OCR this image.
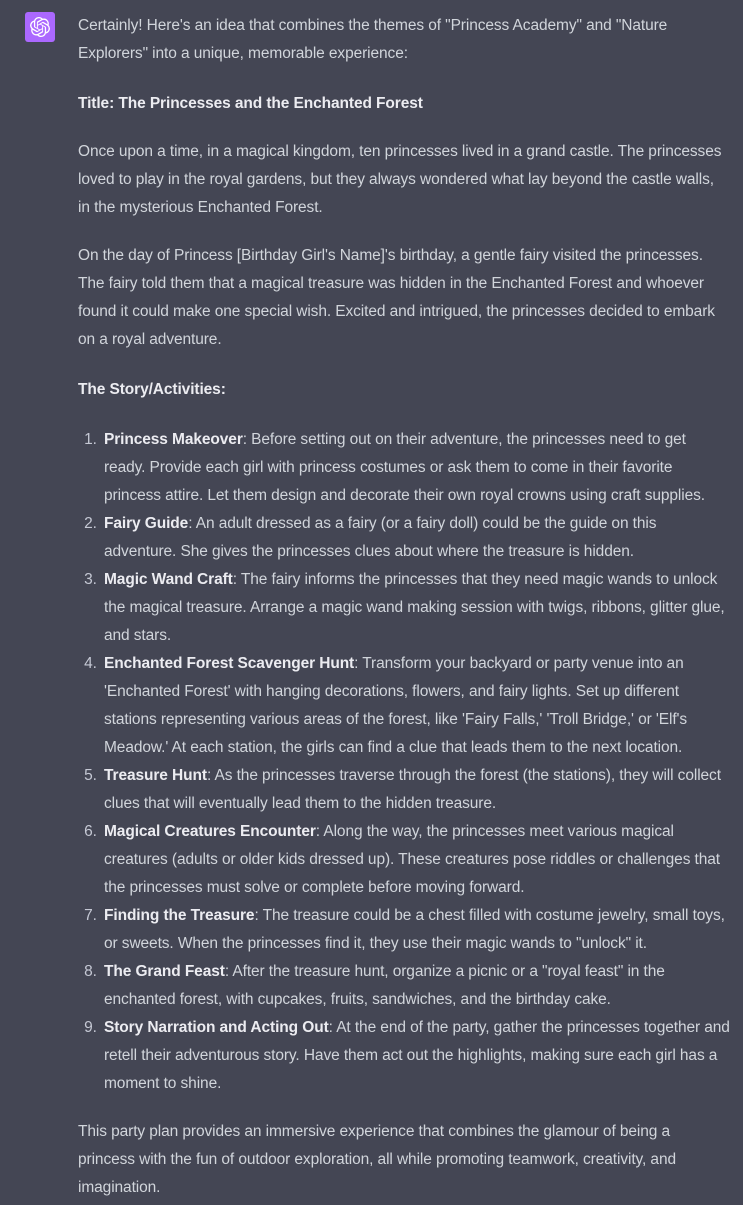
Certainly! Here's an idea that combines the themes of "Princess Academy" and "Nature Explorers" into a unique, memorable experience:

Title: The Princesses and the Enchanted Forest

Once upon a time, in a magical kingdom, ten princesses lived in a grand castle. The princesses loved to play in the royal gardens, but they always wondered what lay beyond the castle walls, in the mysterious Enchanted Forest.

On the day of Princess [Birthday Girl's Name]'s birthday, a gentle fairy visited the princesses. The fairy told them that a magical treasure was hidden in the Enchanted Forest and whoever found it could make one special wish. Excited and intrigued, the princesses decided to embark on a royal adventure.

The Story/Activities:

1. Princess Makeover: Before setting out on their adventure, the princesses need to get ready. Provide each girl with princess costumes or ask them to come in their favorite princess attire. Let them design and decorate their own royal crowns using craft supplies.
2. Fairy Guide: An adult dressed as a fairy (or a fairy doll) could be the guide on this adventure. She gives the princesses clues about where the treasure is hidden.
3. Magic Wand Craft: The fairy informs the princesses that they need magic wands to unlock the magical treasure. Arrange a magic wand making session with twigs, ribbons, glitter glue, and stars.
4. Enchanted Forest Scavenger Hunt: Transform your backyard or party venue into an 'Enchanted Forest' with hanging decorations, flowers, and fairy lights. Set up different stations representing various areas of the forest, like 'Fairy Falls,' 'Troll Bridge,' or 'Elf's Meadow.' At each station, the girls can find a clue that leads them to the next location.
5. Treasure Hunt: As the princesses traverse through the forest (the stations), they will collect clues that will eventually lead them to the hidden treasure.
6. Magical Creatures Encounter: Along the way, the princesses meet various magical creatures (adults or older kids dressed up). These creatures pose riddles or challenges that the princesses must solve or complete before moving forward.
7. Finding the Treasure: The treasure could be a chest filled with costume jewelry, small toys, or sweets. When the princesses find it, they use their magic wands to "unlock" it.
8. The Grand Feast: After the treasure hunt, organize a picnic or a "royal feast" in the enchanted forest, with cupcakes, fruits, sandwiches, and the birthday cake.
9. Story Narration and Acting Out: At the end of the party, gather the princesses together and retell their adventurous story. Have them act out the highlights, making sure each girl has a moment to shine.

This party plan provides an immersive experience that combines the glamour of being a princess with the fun of outdoor exploration, all while promoting teamwork, creativity, and imagination.
